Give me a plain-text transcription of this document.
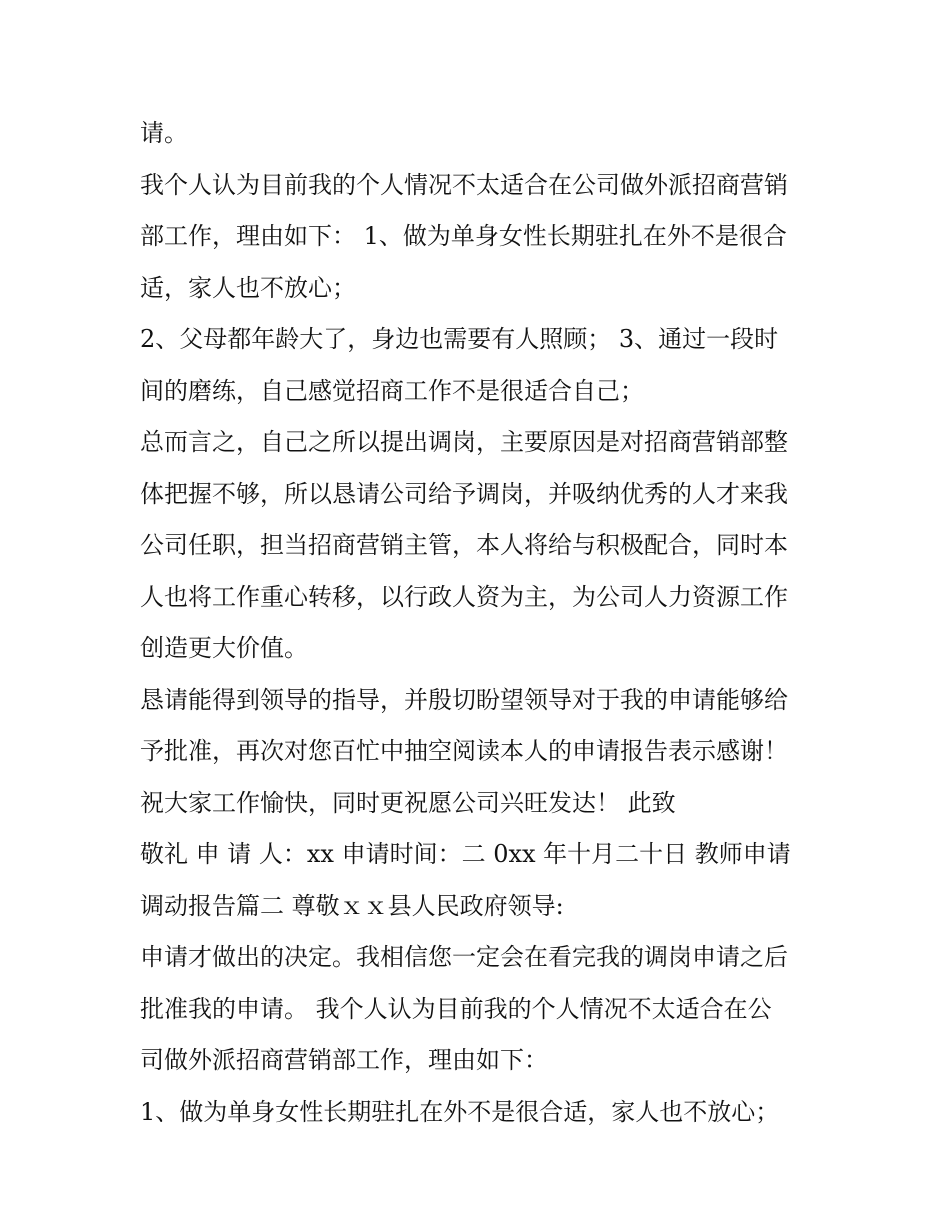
请。
我个人认为目前我的个人情况不太适合在公司做外派招商营销
部工作，理由如下： 1、做为单身女性长期驻扎在外不是很合
适，家人也不放心；
2、父母都年龄大了，身边也需要有人照顾； 3、通过一段时
间的磨练，自己感觉招商工作不是很适合自己；
总而言之，自己之所以提出调岗，主要原因是对招商营销部整
体把握不够，所以恳请公司给予调岗，并吸纳优秀的人才来我
公司任职，担当招商营销主管，本人将给与积极配合，同时本
人也将工作重心转移，以行政人资为主，为公司人力资源工作
创造更大价值。
恳请能得到领导的指导，并殷切盼望领导对于我的申请能够给
予批准，再次对您百忙中抽空阅读本人的申请报告表示感谢！
祝大家工作愉快，同时更祝愿公司兴旺发达！ 此致
敬礼 申 请 人：xx 申请时间：二 0xx 年十月二十日 教师申请
调动报告篇二 尊敬ｘｘ县人民政府领导:
申请才做出的决定。我相信您一定会在看完我的调岗申请之后
批准我的申请。 我个人认为目前我的个人情况不太适合在公
司做外派招商营销部工作，理由如下：
1、做为单身女性长期驻扎在外不是很合适，家人也不放心；
